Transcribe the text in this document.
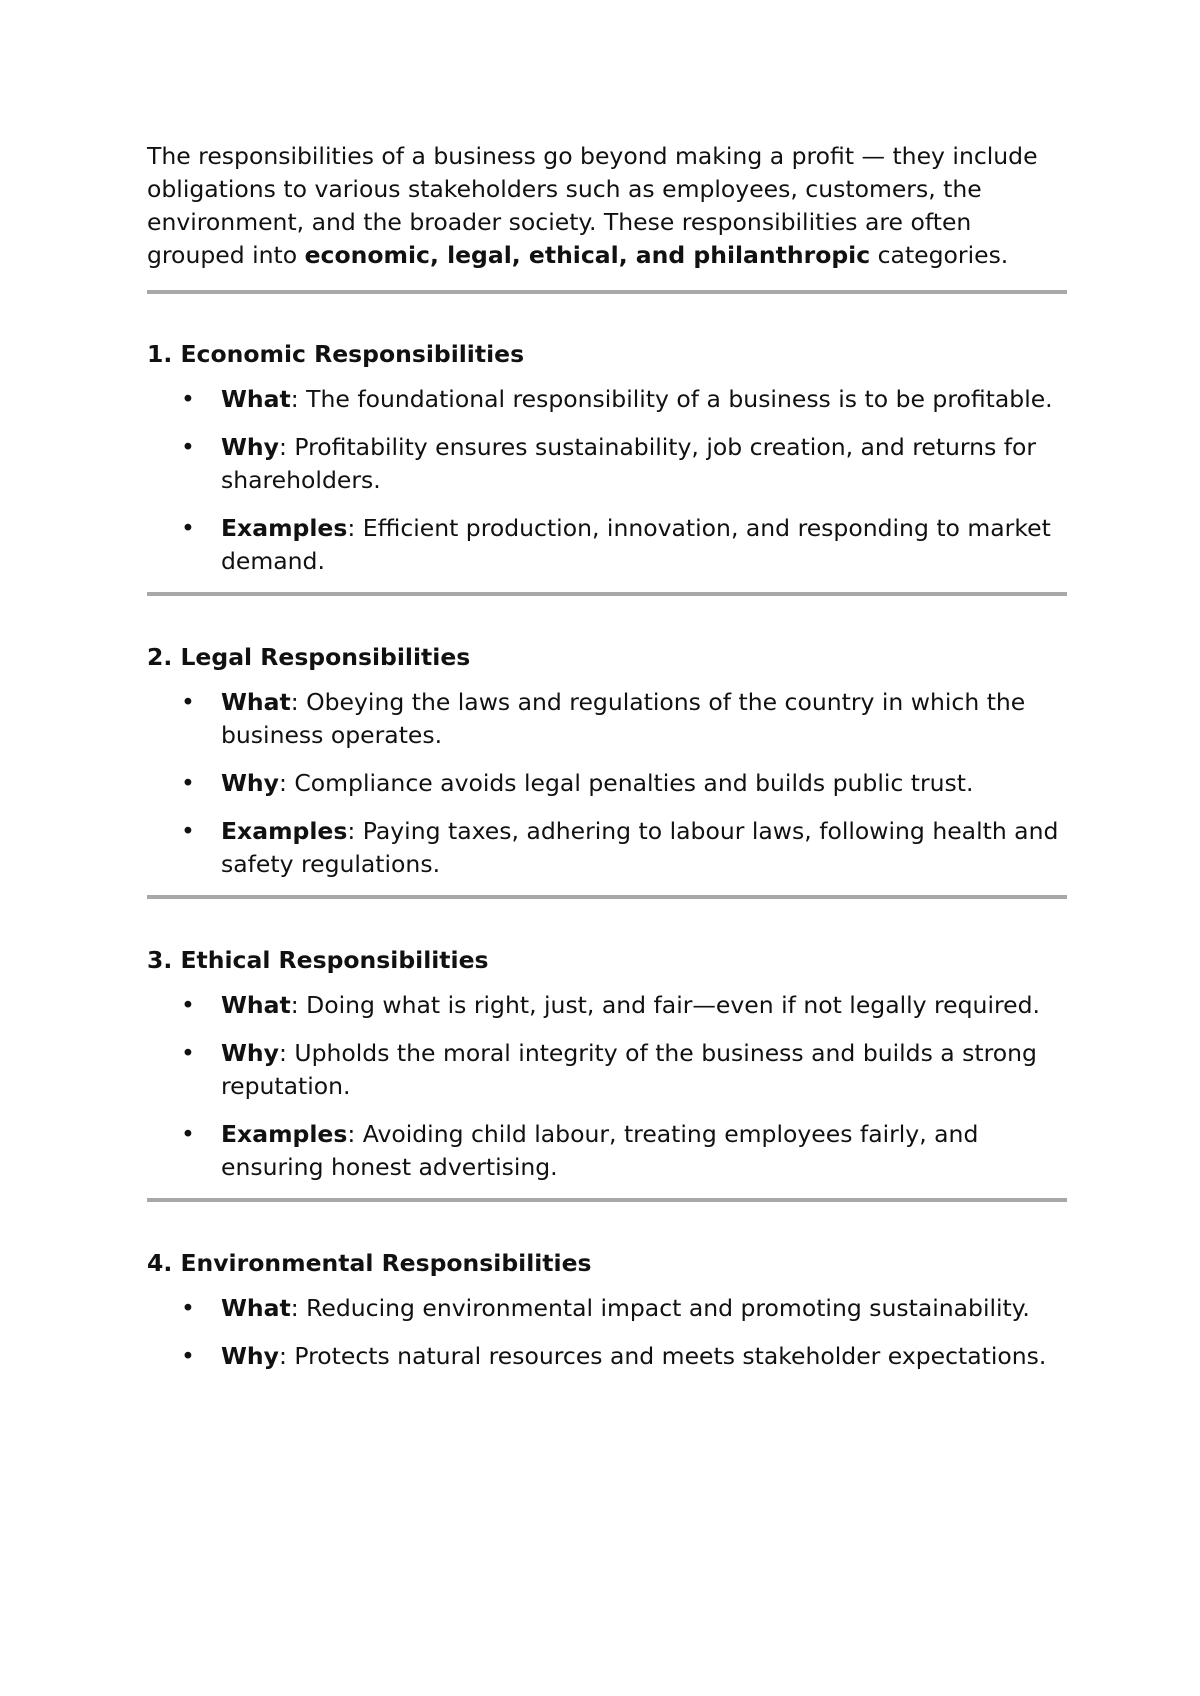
The responsibilities of a business go beyond making a profit — they include obligations to various stakeholders such as employees, customers, the environment, and the broader society. These responsibilities are often grouped into economic, legal, ethical, and philanthropic categories.

1. Economic Responsibilities
• What: The foundational responsibility of a business is to be profitable.
• Why: Profitability ensures sustainability, job creation, and returns for shareholders.
• Examples: Efficient production, innovation, and responding to market demand.
2. Legal Responsibilities
• What: Obeying the laws and regulations of the country in which the business operates.
• Why: Compliance avoids legal penalties and builds public trust.
• Examples: Paying taxes, adhering to labour laws, following health and safety regulations.
3. Ethical Responsibilities
• What: Doing what is right, just, and fair—even if not legally required.
• Why: Upholds the moral integrity of the business and builds a strong reputation.
• Examples: Avoiding child labour, treating employees fairly, and ensuring honest advertising.
4. Environmental Responsibilities
• What: Reducing environmental impact and promoting sustainability.
• Why: Protects natural resources and meets stakeholder expectations.
